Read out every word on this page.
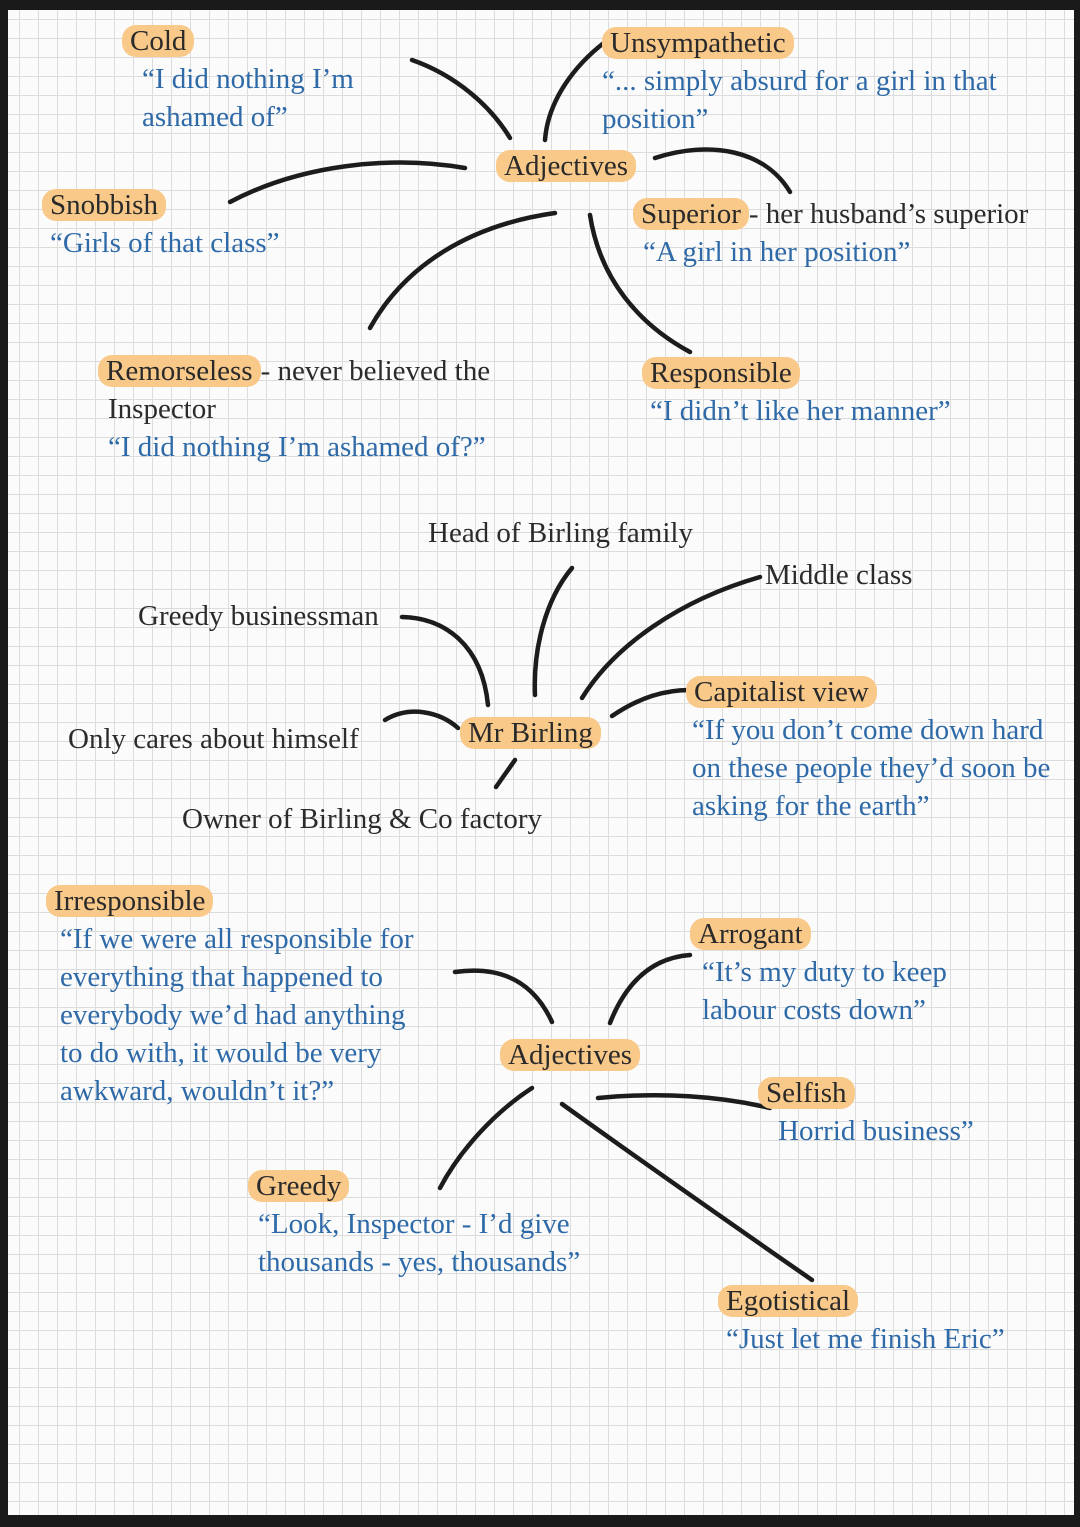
Adjectives
Cold
“I did nothing I’m
ashamed of”
Unsympathetic
“... simply absurd for a girl in that
position”
Snobbish
“Girls of that class”
Superior - her husband’s superior
“A girl in her position”
Remorseless - never believed the
Inspector
“I did nothing I’m ashamed of?”
Responsible
“I didn’t like her manner”
Mr Birling
Head of Birling family
Middle class
Greedy businessman
Only cares about himself
Owner of Birling & Co factory
Capitalist view
“If you don’t come down hard
on these people they’d soon be
asking for the earth”
Adjectives
Irresponsible
“If we were all responsible for
everything that happened to
everybody we’d had anything
to do with, it would be very
awkward, wouldn’t it?”
Arrogant
“It’s my duty to keep
labour costs down”
Selfish
Horrid business”
Greedy
“Look, Inspector - I’d give
thousands - yes, thousands”
Egotistical
“Just let me finish Eric”
